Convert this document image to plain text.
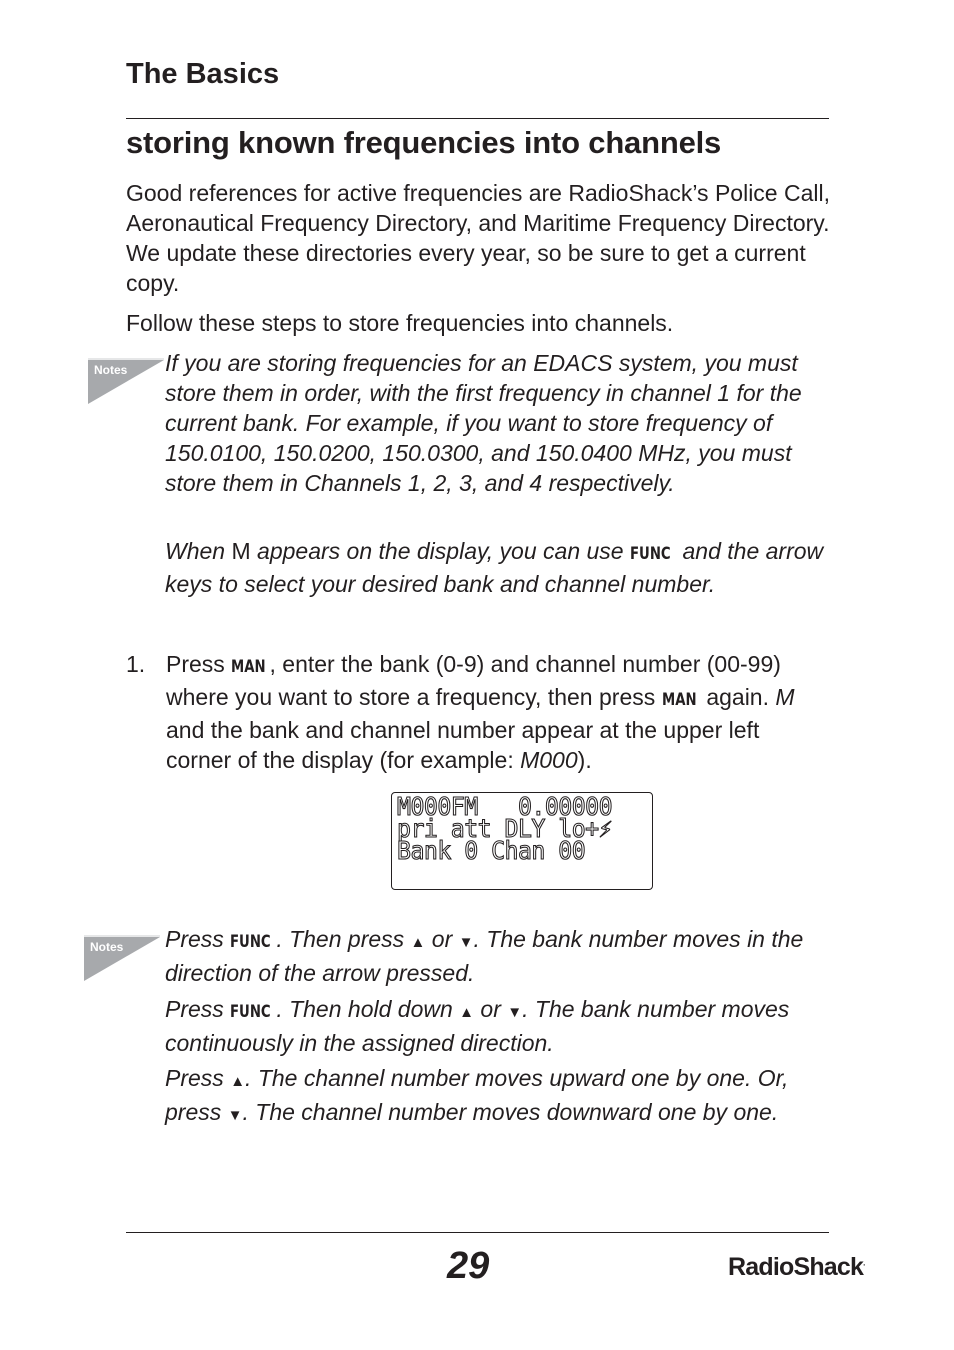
The Basics
storing known frequencies into channels

Good references for active frequencies are RadioShack’s Police Call, Aeronautical Frequency Directory, and Maritime Frequency Directory. We update these directories every year, so be sure to get a current copy.

Follow these steps to store frequencies into channels.

Notes If you are storing frequencies for an EDACS system, you must store them in order, with the first frequency in channel 1 for the current bank. For example, if you want to store frequency of 150.0100, 150.0200, 150.0300, and 150.0400 MHz, you must store them in Channels 1, 2, 3, and 4 respectively.

When M appears on the display, you can use FUNC and the arrow keys to select your desired bank and channel number.

1. Press MAN , enter the bank (0-9) and channel number (00-99) where you want to store a frequency, then press MAN again. M and the bank and channel number appear at the upper left corner of the display (for example: M000).

M000FM   0.00000
pri att DLY lo+⚡
Bank 0 Chan 00
Notes Press FUNC . Then press ▲ or ▼. The bank number moves in the direction of the arrow pressed.

Press FUNC . Then hold down ▲ or ▼. The bank number moves continuously in the assigned direction.

Press ▲. The channel number moves upward one by one. Or, press ▼. The channel number moves downward one by one.

29	RadioShack.
